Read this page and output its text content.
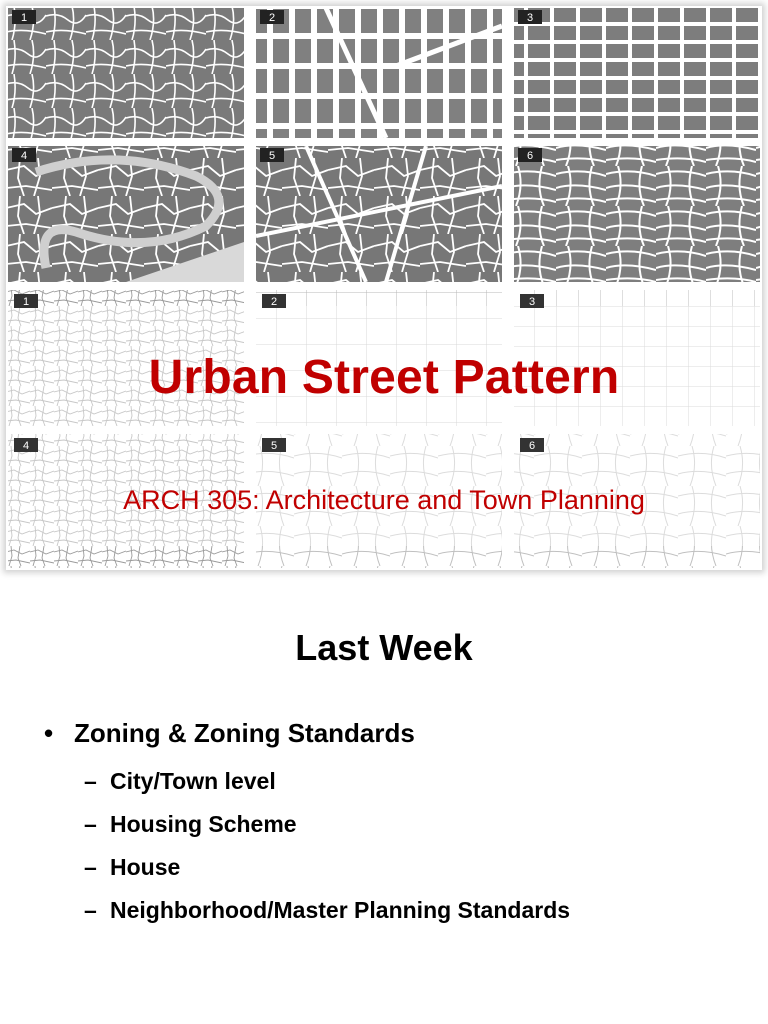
1	2	3
4	5	6
1	2	3
4	5	6
Urban Street Pattern

ARCH 305: Architecture and Town Planning

Last Week
• Zoning & Zoning Standards
– City/Town level
– Housing Scheme
– House
– Neighborhood/Master Planning Standards
